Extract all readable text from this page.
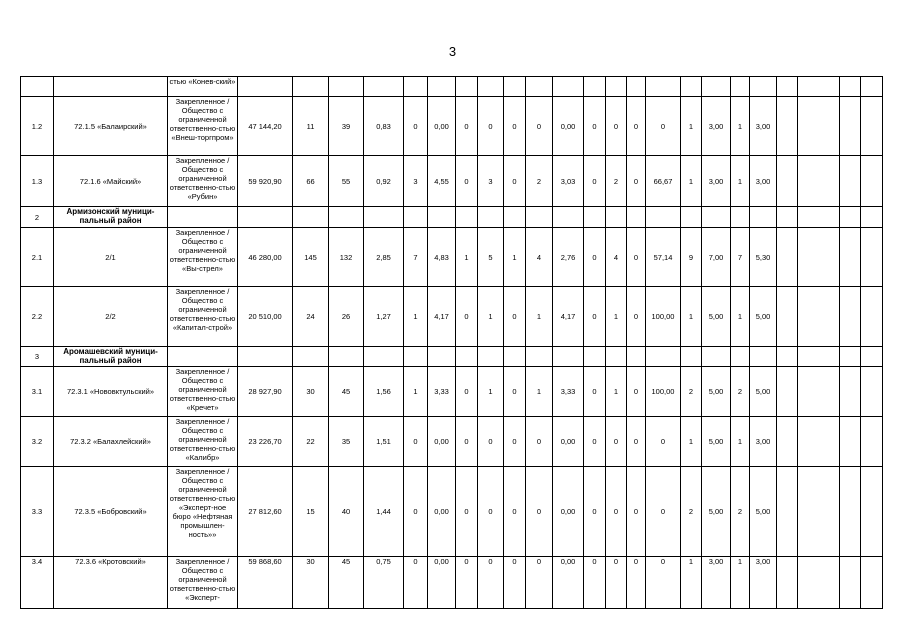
3
		стью «Конев-ский»																							
1.2	72.1.5 «Балаирский»	Закрепленное / Общество с ограниченной ответственно-стью «Внеш-торгпром»	47 144,20	11	39	0,83	0	0,00	0	0	0	0	0,00	0	0	0	0	1	3,00	1	3,00				
1.3	72.1.6 «Майский»	Закрепленное / Общество с ограниченной ответственно-стью «Рубин»	59 920,90	66	55	0,92	3	4,55	0	3	0	2	3,03	0	2	0	66,67	1	3,00	1	3,00				
2	Армизонский муници-пальный район																								
2.1	2/1	Закрепленное / Общество с ограниченной ответственно-стью «Вы-стрел»	46 280,00	145	132	2,85	7	4,83	1	5	1	4	2,76	0	4	0	57,14	9	7,00	7	5,30				
2.2	2/2	Закрепленное / Общество с ограниченной ответственно-стью «Капитал-строй»	20 510,00	24	26	1,27	1	4,17	0	1	0	1	4,17	0	1	0	100,00	1	5,00	1	5,00				
3	Аромашевский муници-пальный район																								
3.1	72.3.1 «Нововктульский»	Закрепленное / Общество с ограниченной ответственно-стью «Кречет»	28 927,90	30	45	1,56	1	3,33	0	1	0	1	3,33	0	1	0	100,00	2	5,00	2	5,00				
3.2	72.3.2 «Балахлейский»	Закрепленное / Общество с ограниченной ответственно-стью «Калибр»	23 226,70	22	35	1,51	0	0,00	0	0	0	0	0,00	0	0	0	0	1	5,00	1	3,00				
3.3	72.3.5 «Бобровский»	Закрепленное / Общество с ограниченной ответственно-стью «Эксперт-ное бюро «Нефтяная промышлен-ность»»	27 812,60	15	40	1,44	0	0,00	0	0	0	0	0,00	0	0	0	0	2	5,00	2	5,00				
3.4	72.3.6 «Кротовский»	Закрепленное / Общество с ограниченной ответственно-стью «Эксперт-	59 868,60	30	45	0,75	0	0,00	0	0	0	0	0,00	0	0	0	0	1	3,00	1	3,00				
